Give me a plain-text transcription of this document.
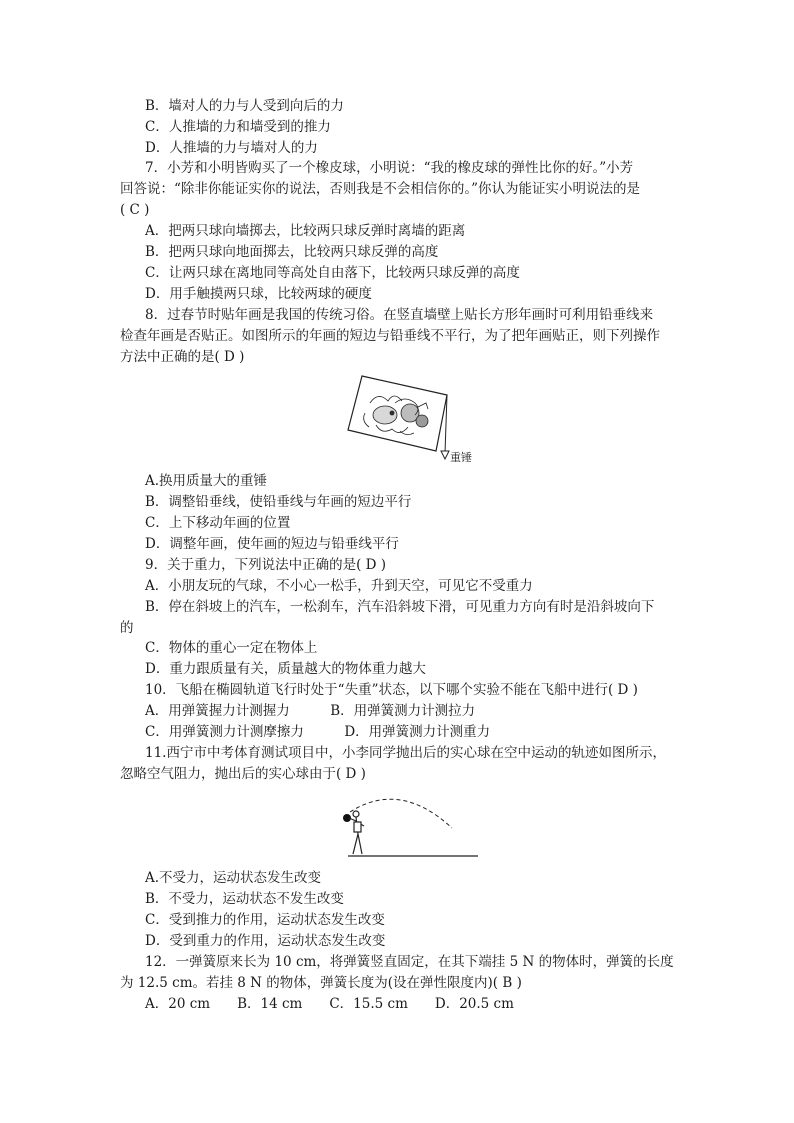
B．墙对人的力与人受到向后的力
C．人推墙的力和墙受到的推力
D．人推墙的力与墙对人的力
7．小芳和小明皆购买了一个橡皮球，小明说：“我的橡皮球的弹性比你的好。”小芳
回答说：“除非你能证实你的说法，否则我是不会相信你的。”你认为能证实小明说法的是
( C )
A．把两只球向墙掷去，比较两只球反弹时离墙的距离
B．把两只球向地面掷去，比较两只球反弹的高度
C．让两只球在离地同等高处自由落下，比较两只球反弹的高度
D．用手触摸两只球，比较两球的硬度
8．过春节时贴年画是我国的传统习俗。在竖直墙壁上贴长方形年画时可利用铅垂线来
检查年画是否贴正。如图所示的年画的短边与铅垂线不平行，为了把年画贴正，则下列操作
方法中正确的是( D )
A.换用质量大的重锤
B．调整铅垂线，使铅垂线与年画的短边平行
C．上下移动年画的位置
D．调整年画，使年画的短边与铅垂线平行
9．关于重力，下列说法中正确的是( D )
A．小朋友玩的气球，不小心一松手，升到天空，可见它不受重力
B．停在斜坡上的汽车，一松刹车，汽车沿斜坡下滑，可见重力方向有时是沿斜坡向下
的
C．物体的重心一定在物体上
D．重力跟质量有关，质量越大的物体重力越大
10．飞船在椭圆轨道飞行时处于“失重”状态，以下哪个实验不能在飞船中进行( D )
A．用弹簧握力计测握力　　　B．用弹簧测力计测拉力
C．用弹簧测力计测摩擦力　　　D．用弹簧测力计测重力
11.西宁市中考体育测试项目中，小李同学抛出后的实心球在空中运动的轨迹如图所示，
忽略空气阻力，抛出后的实心球由于( D )
A.不受力，运动状态发生改变
B．不受力，运动状态不发生改变
C．受到推力的作用，运动状态发生改变
D．受到重力的作用，运动状态发生改变
12．一弹簧原来长为 10 cm，将弹簧竖直固定，在其下端挂 5 N 的物体时，弹簧的长度
为 12.5 cm。若挂 8 N 的物体，弹簧长度为(设在弹性限度内)( B )
A．20 cm　　B．14 cm　　C．15.5 cm　　D．20.5 cm
重锤
